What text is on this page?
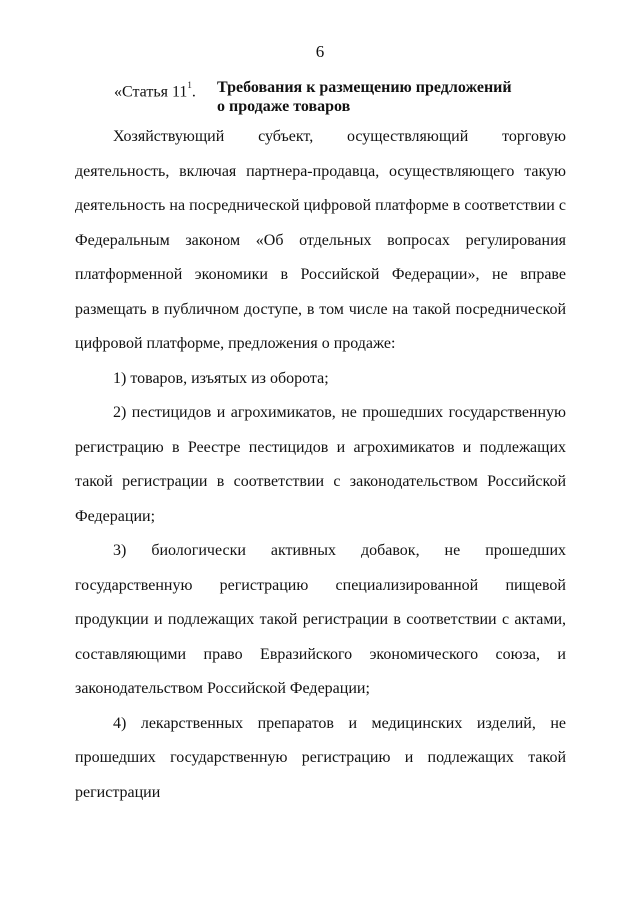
6
«Статья $11^1$. Требования к размещению предложений
о продаже товаров

Хозяйствующий субъект, осуществляющий торговую деятельность, включая партнера-продавца, осуществляющего такую деятельность на посреднической цифровой платформе в соответствии с Федеральным законом «Об отдельных вопросах регулирования платформенной экономики в Российской Федерации», не вправе размещать в публичном доступе, в том числе на такой посреднической цифровой платформе, предложения о продаже:

1) товаров, изъятых из оборота;

2) пестицидов и агрохимикатов, не прошедших государственную регистрацию в Реестре пестицидов и агрохимикатов и подлежащих такой регистрации в соответствии с законодательством Российской Федерации;

3) биологически активных добавок, не прошедших государственную регистрацию специализированной пищевой продукции и подлежащих такой регистрации в соответствии с актами, составляющими право Евразийского экономического союза, и законодательством Российской Федерации;

4) лекарственных препаратов и медицинских изделий, не прошедших государственную регистрацию и подлежащих такой регистрации
